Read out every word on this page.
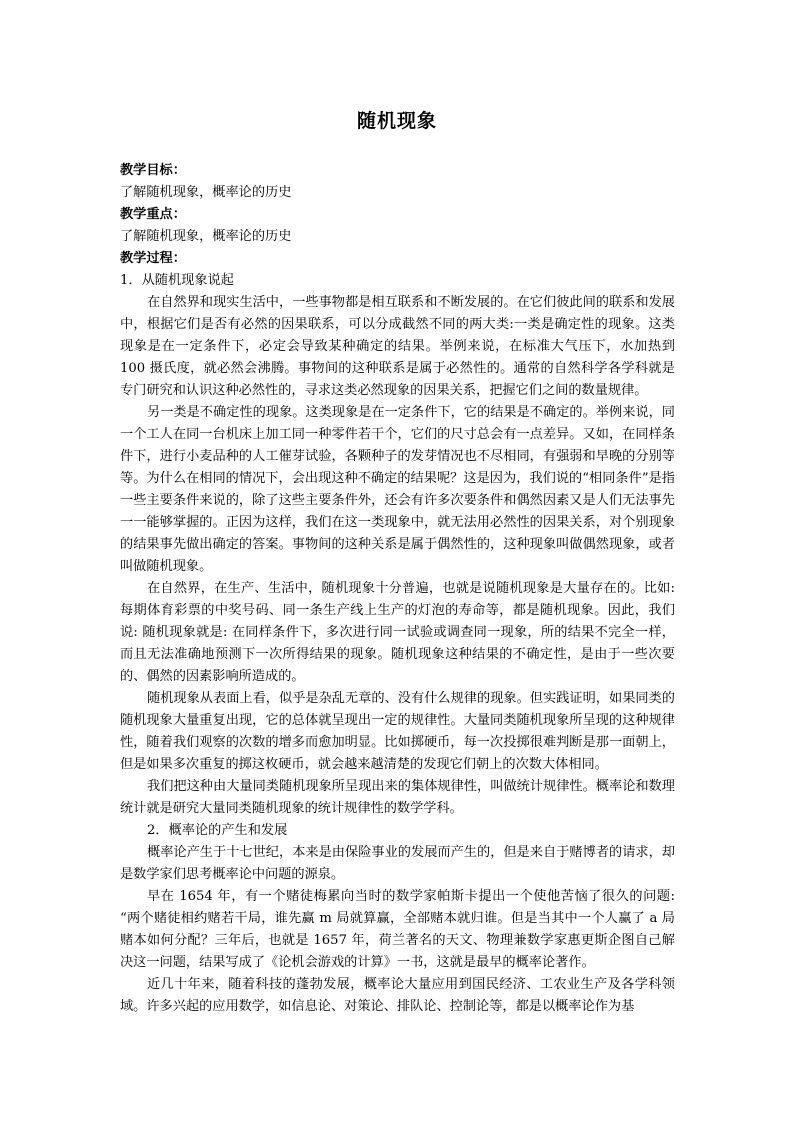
随机现象

教学目标：

了解随机现象，概率论的历史

教学重点：

了解随机现象，概率论的历史

教学过程：

1．从随机现象说起

在自然界和现实生活中，一些事物都是相互联系和不断发展的。在它们彼此间的联系和发展中，根据它们是否有必然的因果联系，可以分成截然不同的两大类:一类是确定性的现象。这类现象是在一定条件下，必定会导致某种确定的结果。举例来说，在标准大气压下，水加热到 100 摄氏度，就必然会沸腾。事物间的这种联系是属于必然性的。通常的自然科学各学科就是专门研究和认识这种必然性的，寻求这类必然现象的因果关系，把握它们之间的数量规律。

另一类是不确定性的现象。这类现象是在一定条件下，它的结果是不确定的。举例来说，同一个工人在同一台机床上加工同一种零件若干个，它们的尺寸总会有一点差异。又如，在同样条件下，进行小麦品种的人工催芽试验，各颗种子的发芽情况也不尽相同，有强弱和早晚的分别等等。为什么在相同的情况下，会出现这种不确定的结果呢？这是因为，我们说的“相同条件”是指一些主要条件来说的，除了这些主要条件外，还会有许多次要条件和偶然因素又是人们无法事先一一能够掌握的。正因为这样，我们在这一类现象中，就无法用必然性的因果关系，对个别现象的结果事先做出确定的答案。事物间的这种关系是属于偶然性的，这种现象叫做偶然现象，或者叫做随机现象。

在自然界，在生产、生活中，随机现象十分普遍，也就是说随机现象是大量存在的。比如: 每期体育彩票的中奖号码、同一条生产线上生产的灯泡的寿命等，都是随机现象。因此，我们说: 随机现象就是: 在同样条件下，多次进行同一试验或调查同一现象，所的结果不完全一样，而且无法准确地预测下一次所得结果的现象。随机现象这种结果的不确定性，是由于一些次要的、偶然的因素影响所造成的。

随机现象从表面上看，似乎是杂乱无章的、没有什么规律的现象。但实践证明，如果同类的随机现象大量重复出现，它的总体就呈现出一定的规律性。大量同类随机现象所呈现的这种规律性，随着我们观察的次数的增多而愈加明显。比如掷硬币，每一次投掷很难判断是那一面朝上，但是如果多次重复的掷这枚硬币，就会越来越清楚的发现它们朝上的次数大体相同。

我们把这种由大量同类随机现象所呈现出来的集体规律性，叫做统计规律性。概率论和数理统计就是研究大量同类随机现象的统计规律性的数学学科。

2．概率论的产生和发展

概率论产生于十七世纪，本来是由保险事业的发展而产生的，但是来自于赌博者的请求，却是数学家们思考概率论中问题的源泉。

早在 1654 年，有一个赌徒梅累向当时的数学家帕斯卡提出一个使他苦恼了很久的问题: “两个赌徒相约赌若干局，谁先赢 m 局就算赢，全部赌本就归谁。但是当其中一个人赢了 a 局赌本如何分配？三年后，也就是 1657 年，荷兰著名的天文、物理兼数学家惠更斯企图自己解决这一问题，结果写成了《论机会游戏的计算》一书，这就是最早的概率论著作。

近几十年来，随着科技的蓬勃发展，概率论大量应用到国民经济、工农业生产及各学科领域。许多兴起的应用数学，如信息论、对策论、排队论、控制论等，都是以概率论作为基
